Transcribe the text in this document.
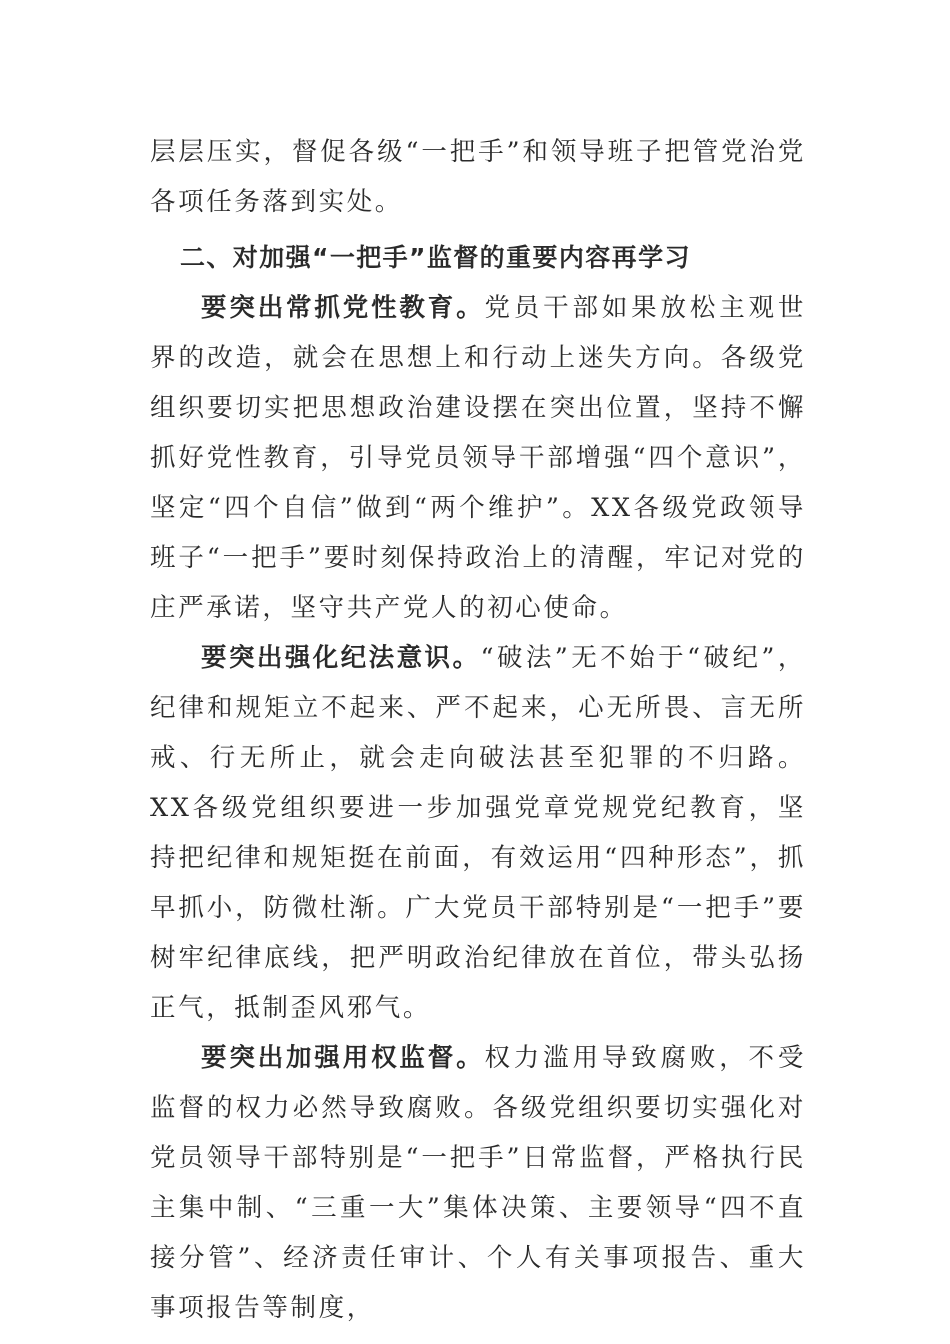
层层压实，督促各级“一把手”和领导班子把管党治党各项任务落到实处。

二、对加强“一把手”监督的重要内容再学习

要突出常抓党性教育。党员干部如果放松主观世界的改造，就会在思想上和行动上迷失方向。各级党组织要切实把思想政治建设摆在突出位置，坚持不懈抓好党性教育，引导党员领导干部增强“四个意识”，坚定“四个自信”做到“两个维护”。XX各级党政领导班子“一把手”要时刻保持政治上的清醒，牢记对党的庄严承诺，坚守共产党人的初心使命。

要突出强化纪法意识。“破法”无不始于“破纪”，纪律和规矩立不起来、严不起来，心无所畏、言无所戒、行无所止，就会走向破法甚至犯罪的不归路。XX各级党组织要进一步加强党章党规党纪教育，坚持把纪律和规矩挺在前面，有效运用“四种形态”，抓早抓小，防微杜渐。广大党员干部特别是“一把手”要树牢纪律底线，把严明政治纪律放在首位，带头弘扬正气，抵制歪风邪气。

要突出加强用权监督。权力滥用导致腐败，不受监督的权力必然导致腐败。各级党组织要切实强化对党员领导干部特别是“一把手”日常监督，严格执行民主集中制、“三重一大”集体决策、主要领导“四不直接分管”、经济责任审计、个人有关事项报告、重大事项报告等制度，
